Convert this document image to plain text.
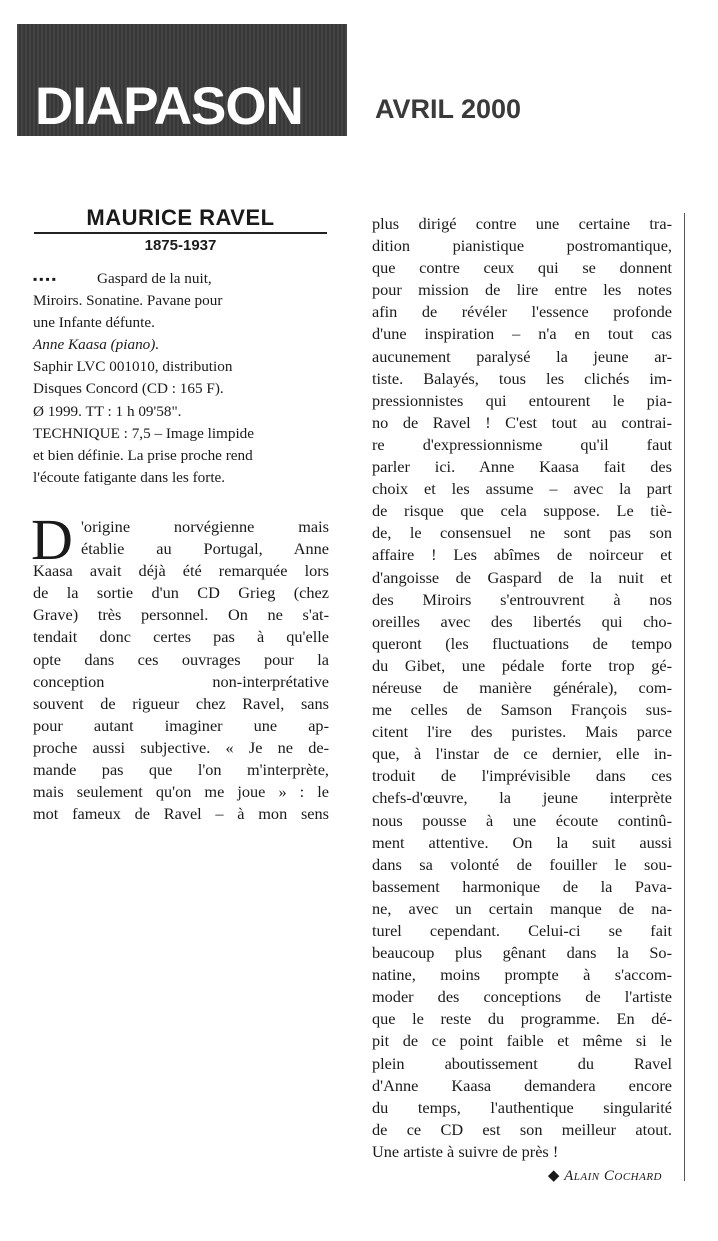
DIAPASON	AVRIL 2000
MAURICE RAVEL
1875-1937
▪▪▪▪	Gaspard de la nuit,
Miroirs. Sonatine. Pavane pour
une Infante défunte.
Anne Kaasa (piano).
Saphir LVC 001010, distribution
Disques Concord (CD : 165 F).
Ø 1999. TT : 1 h 09'58".
TECHNIQUE : 7,5 – Image limpide
et bien définie. La prise proche rend
l'écoute fatigante dans les forte.
D 'origine norvégienne mais
établie au Portugal, Anne
Kaasa avait déjà été remarquée lors
de la sortie d'un CD Grieg (chez
Grave) très personnel. On ne s'at-
tendait donc certes pas à qu'elle
opte dans ces ouvrages pour la
conception non-interprétative
souvent de rigueur chez Ravel, sans
pour autant imaginer une ap-
proche aussi subjective. « Je ne de-
mande pas que l'on m'interprète,
mais seulement qu'on me joue » : le
mot fameux de Ravel – à mon sens
plus dirigé contre une certaine tra-
dition pianistique postromantique,
que contre ceux qui se donnent
pour mission de lire entre les notes
afin de révéler l'essence profonde
d'une inspiration – n'a en tout cas
aucunement paralysé la jeune ar-
tiste. Balayés, tous les clichés im-
pressionnistes qui entourent le pia-
no de Ravel ! C'est tout au contrai-
re d'expressionnisme qu'il faut
parler ici. Anne Kaasa fait des
choix et les assume – avec la part
de risque que cela suppose. Le tiè-
de, le consensuel ne sont pas son
affaire ! Les abîmes de noirceur et
d'angoisse de Gaspard de la nuit et
des Miroirs s'entrouvrent à nos
oreilles avec des libertés qui cho-
queront (les fluctuations de tempo
du Gibet, une pédale forte trop gé-
néreuse de manière générale), com-
me celles de Samson François sus-
citent l'ire des puristes. Mais parce
que, à l'instar de ce dernier, elle in-
troduit de l'imprévisible dans ces
chefs-d'œuvre, la jeune interprète
nous pousse à une écoute continû-
ment attentive. On la suit aussi
dans sa volonté de fouiller le sou-
bassement harmonique de la Pava-
ne, avec un certain manque de na-
turel cependant. Celui-ci se fait
beaucoup plus gênant dans la So-
natine, moins prompte à s'accom-
moder des conceptions de l'artiste
que le reste du programme. En dé-
pit de ce point faible et même si le
plein aboutissement du Ravel
d'Anne Kaasa demandera encore
du temps, l'authentique singularité
de ce CD est son meilleur atout.
Une artiste à suivre de près !
◆ Alain Cochard
